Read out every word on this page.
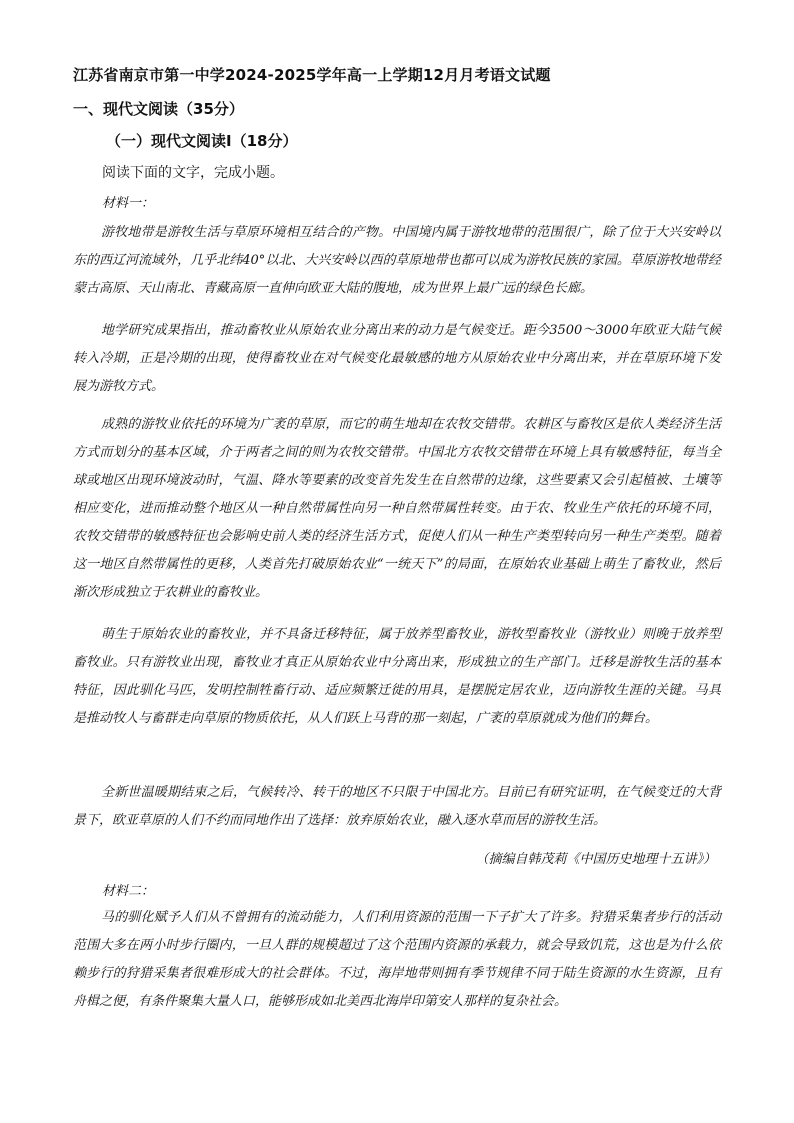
江苏省南京市第一中学2024-2025学年高一上学期12月月考语文试题
一、现代文阅读（35分）
（一）现代文阅读Ⅰ（18分）
阅读下面的文字，完成小题。
材料一：

游牧地带是游牧生活与草原环境相互结合的产物。中国境内属于游牧地带的范围很广，除了位于大兴安岭以东的西辽河流域外，几乎北纬40°以北、大兴安岭以西的草原地带也都可以成为游牧民族的家园。草原游牧地带经蒙古高原、天山南北、青藏高原一直伸向欧亚大陆的腹地，成为世界上最广远的绿色长廊。

地学研究成果指出，推动畜牧业从原始农业分离出来的动力是气候变迁。距今3500～3000年欧亚大陆气候转入冷期，正是冷期的出现，使得畜牧业在对气候变化最敏感的地方从原始农业中分离出来，并在草原环境下发展为游牧方式。

成熟的游牧业依托的环境为广袤的草原，而它的萌生地却在农牧交错带。农耕区与畜牧区是依人类经济生活方式而划分的基本区域，介于两者之间的则为农牧交错带。中国北方农牧交错带在环境上具有敏感特征，每当全球或地区出现环境波动时，气温、降水等要素的改变首先发生在自然带的边缘，这些要素又会引起植被、土壤等相应变化，进而推动整个地区从一种自然带属性向另一种自然带属性转变。由于农、牧业生产依托的环境不同，农牧交错带的敏感特征也会影响史前人类的经济生活方式，促使人们从一种生产类型转向另一种生产类型。随着这一地区自然带属性的更移，人类首先打破原始农业“一统天下”的局面，在原始农业基础上萌生了畜牧业，然后渐次形成独立于农耕业的畜牧业。

萌生于原始农业的畜牧业，并不具备迁移特征，属于放养型畜牧业，游牧型畜牧业（游牧业）则晚于放养型畜牧业。只有游牧业出现，畜牧业才真正从原始农业中分离出来，形成独立的生产部门。迁移是游牧生活的基本特征，因此驯化马匹，发明控制牲畜行动、适应频繁迁徙的用具，是摆脱定居农业，迈向游牧生涯的关键。马具是推动牧人与畜群走向草原的物质依托，从人们跃上马背的那一刻起，广袤的草原就成为他们的舞台。

全新世温暖期结束之后，气候转冷、转干的地区不只限于中国北方。目前已有研究证明，在气候变迁的大背景下，欧亚草原的人们不约而同地作出了选择：放弃原始农业，融入逐水草而居的游牧生活。

（摘编自韩茂莉《中国历史地理十五讲》）
材料二：

马的驯化赋予人们从不曾拥有的流动能力，人们利用资源的范围一下子扩大了许多。狩猎采集者步行的活动范围大多在两小时步行圈内，一旦人群的规模超过了这个范围内资源的承载力，就会导致饥荒，这也是为什么依赖步行的狩猎采集者很难形成大的社会群体。不过，海岸地带则拥有季节规律不同于陆生资源的水生资源，且有舟楫之便，有条件聚集大量人口，能够形成如北美西北海岸印第安人那样的复杂社会。
